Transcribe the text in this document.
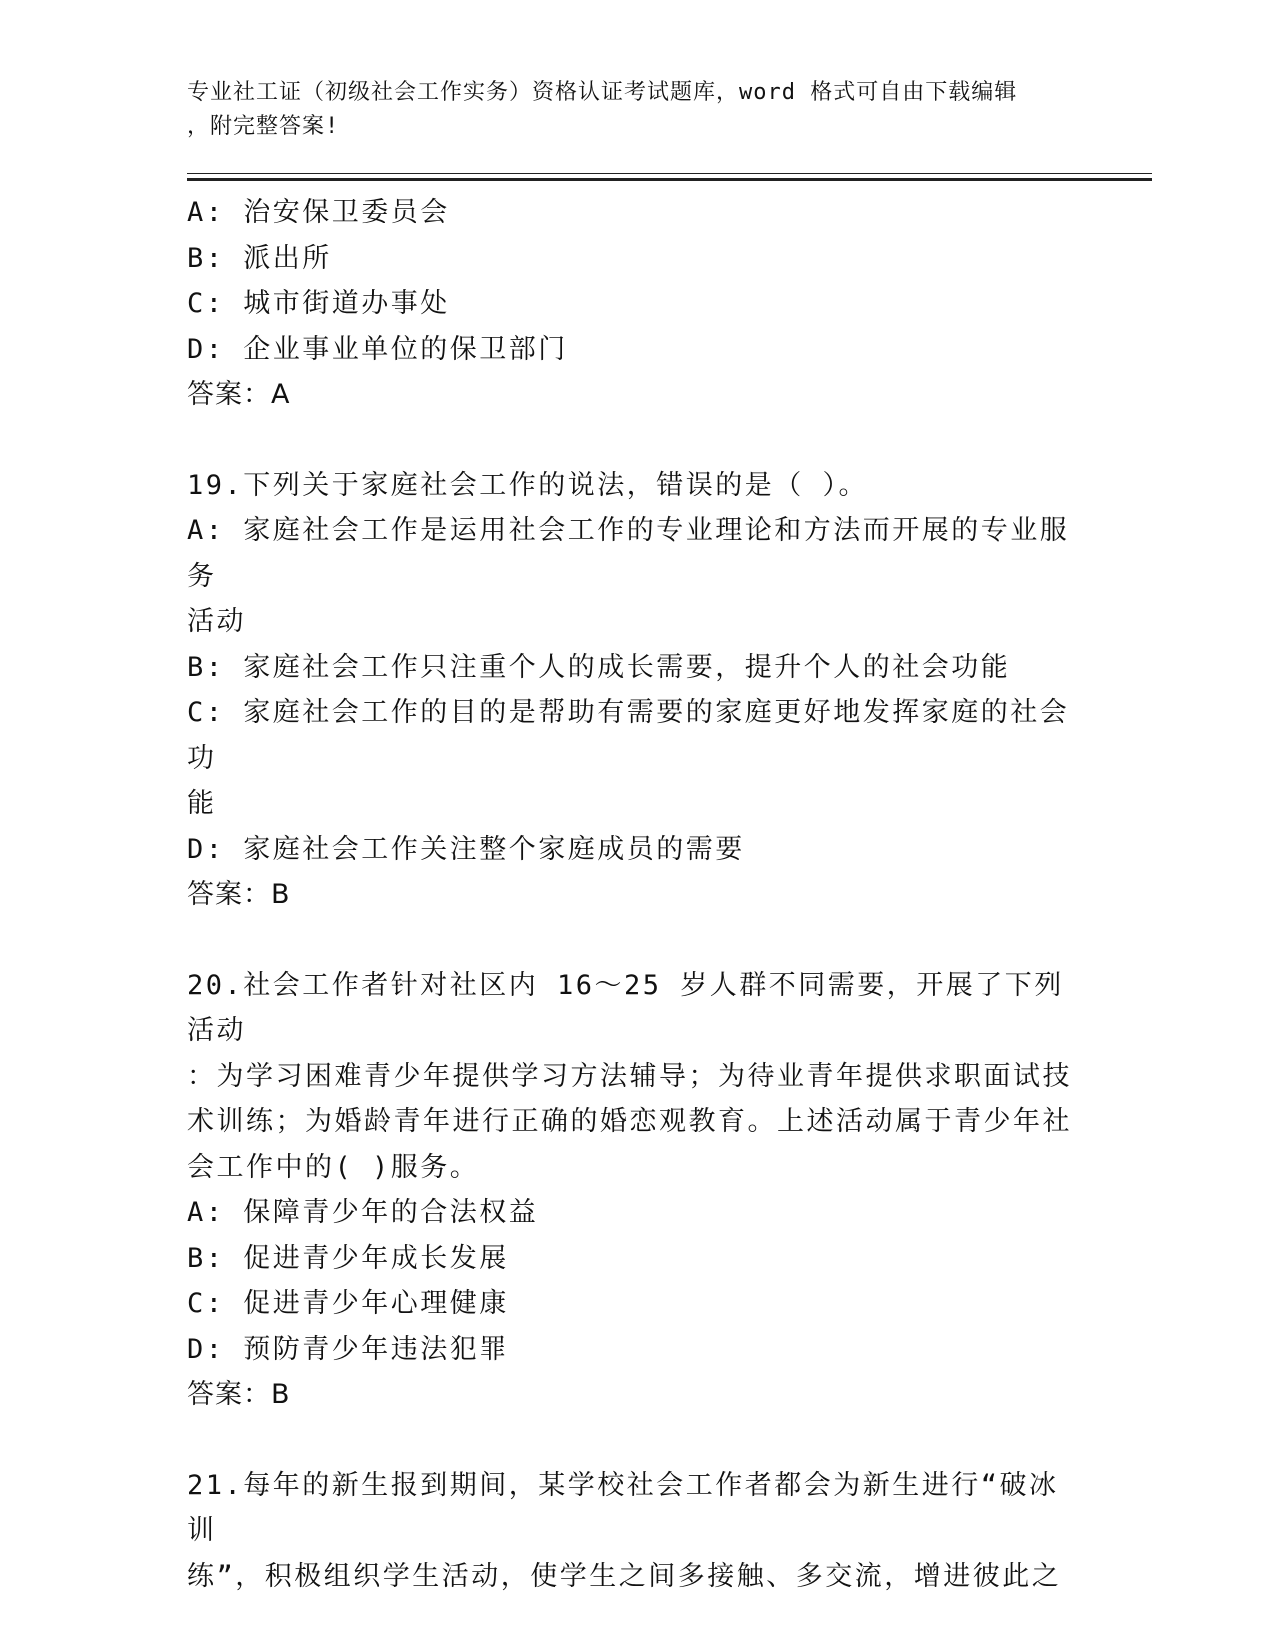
专业社工证（初级社会工作实务）资格认证考试题库，word 格式可自由下载编辑
，附完整答案!

A: 治安保卫委员会

B: 派出所

C: 城市街道办事处

D: 企业事业单位的保卫部门

答案：A

19.下列关于家庭社会工作的说法，错误的是（ ）。

A: 家庭社会工作是运用社会工作的专业理论和方法而开展的专业服务

活动

B: 家庭社会工作只注重个人的成长需要，提升个人的社会功能

C: 家庭社会工作的目的是帮助有需要的家庭更好地发挥家庭的社会功

能

D: 家庭社会工作关注整个家庭成员的需要

答案：B

20.社会工作者针对社区内 16～25 岁人群不同需要，开展了下列活动

：为学习困难青少年提供学习方法辅导；为待业青年提供求职面试技

术训练；为婚龄青年进行正确的婚恋观教育。上述活动属于青少年社

会工作中的( )服务。

A: 保障青少年的合法权益

B: 促进青少年成长发展

C: 促进青少年心理健康

D: 预防青少年违法犯罪

答案：B

21.每年的新生报到期间，某学校社会工作者都会为新生进行“破冰训

练”，积极组织学生活动，使学生之间多接触、多交流，增进彼此之
